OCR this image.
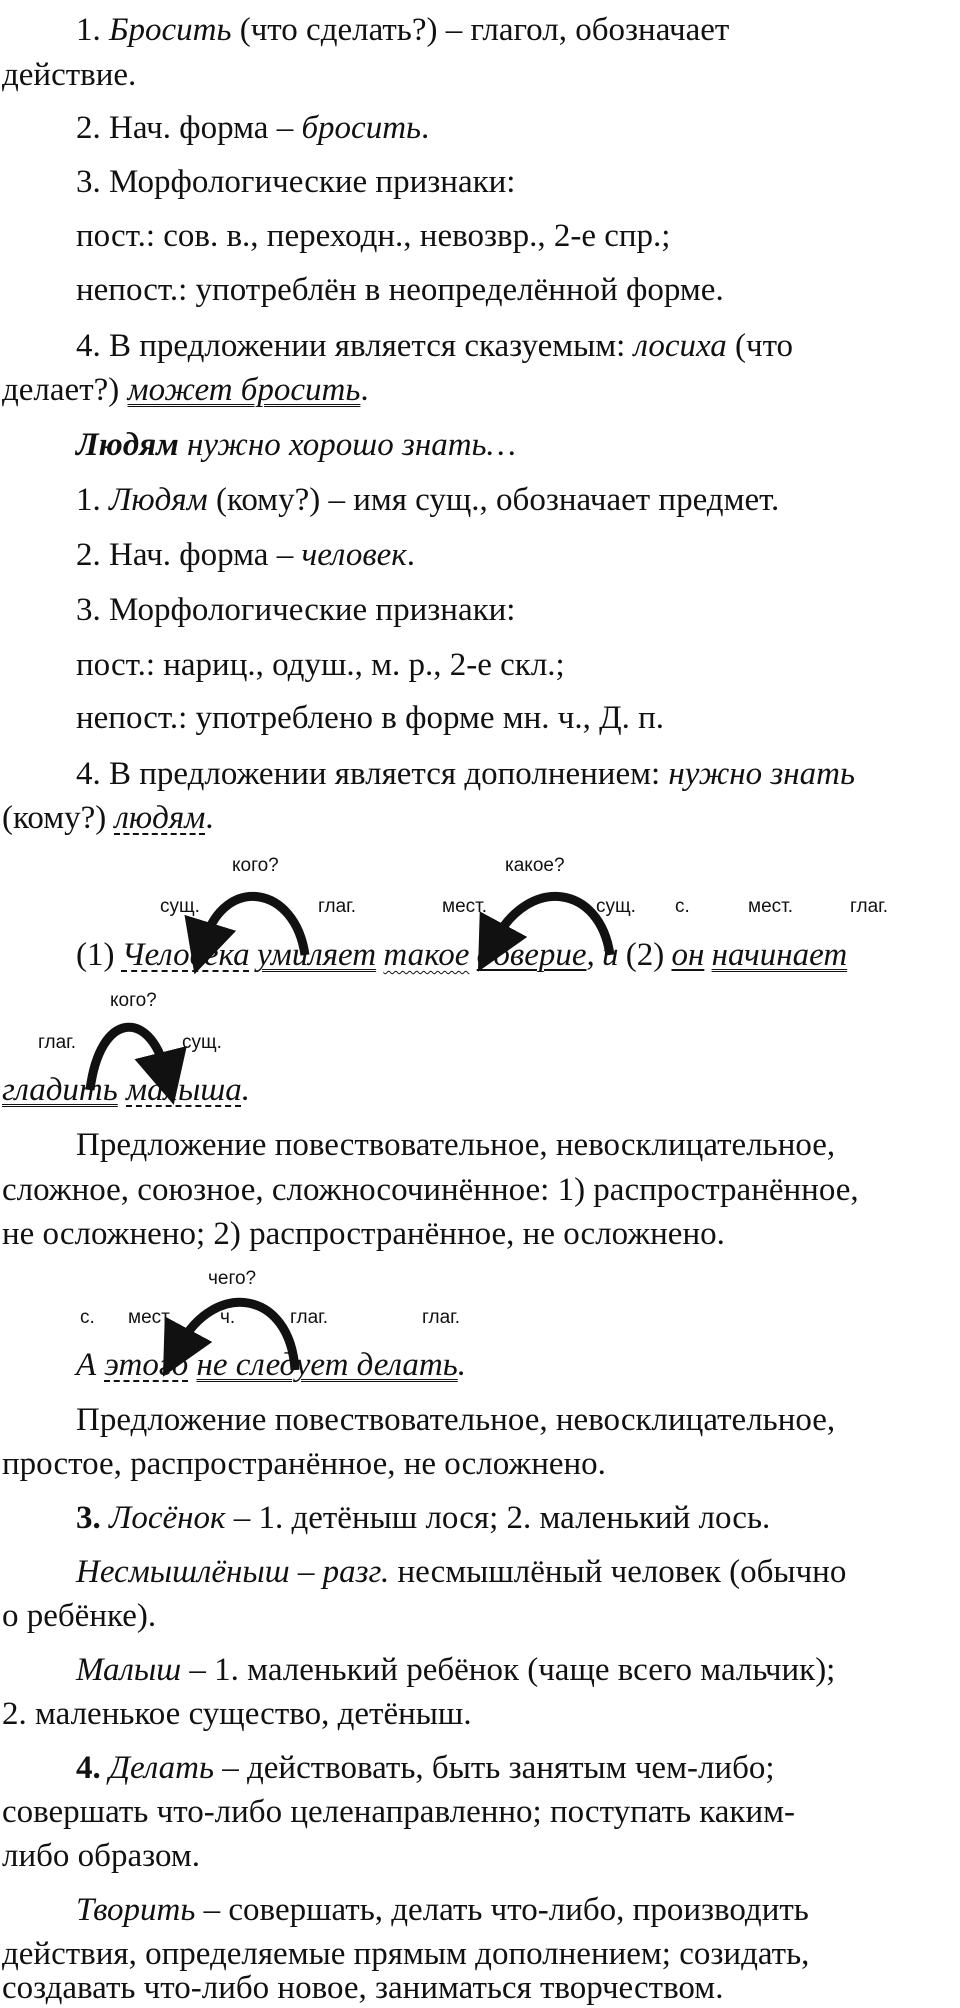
1. Бросить (что сделать?) – глагол, обозначает
действие.
2. Нач. форма – бросить.
3. Морфологические признаки:
пост.: сов. в., переходн., невозвр., 2-е спр.;
непост.: употреблён в неопределённой форме.
4. В предложении является сказуемым: лосиха (что
делает?) может бросить.
Людям нужно хорошо знать…
1. Людям (кому?) – имя сущ., обозначает предмет.
2. Нач. форма – человек.
3. Морфологические признаки:
пост.: нариц., одуш., м. р., 2-е скл.;
непост.: употреблено в форме мн. ч., Д. п.
4. В предложении является дополнением: нужно знать
(кому?) людям.
кого?	какое?
сущ.	глаг.	мест.	сущ. с.	мест.	глаг.
(1) Человека умиляет такое доверие, и (2) он начинает
кого?
глаг.	сущ.
гладить малыша.
Предложение повествовательное, невосклицательное,
сложное, союзное, сложносочинённое: 1) распространённое,
не осложнено; 2) распространённое, не осложнено.
чего?
с. мест. ч.	глаг.	глаг.
А этого не следует делать.
Предложение повествовательное, невосклицательное,
простое, распространённое, не осложнено.
3. Лосёнок – 1. детёныш лося; 2. маленький лось.
Несмышлёныш – разг. несмышлёный человек (обычно
о ребёнке).
Малыш – 1. маленький ребёнок (чаще всего мальчик);
2. маленькое существо, детёныш.
4. Делать – действовать, быть занятым чем-либо;
совершать что-либо целенаправленно; поступать каким-
либо образом.
Творить – совершать, делать что-либо, производить
действия, определяемые прямым дополнением; созидать,
создавать что-либо новое, заниматься творчеством.
